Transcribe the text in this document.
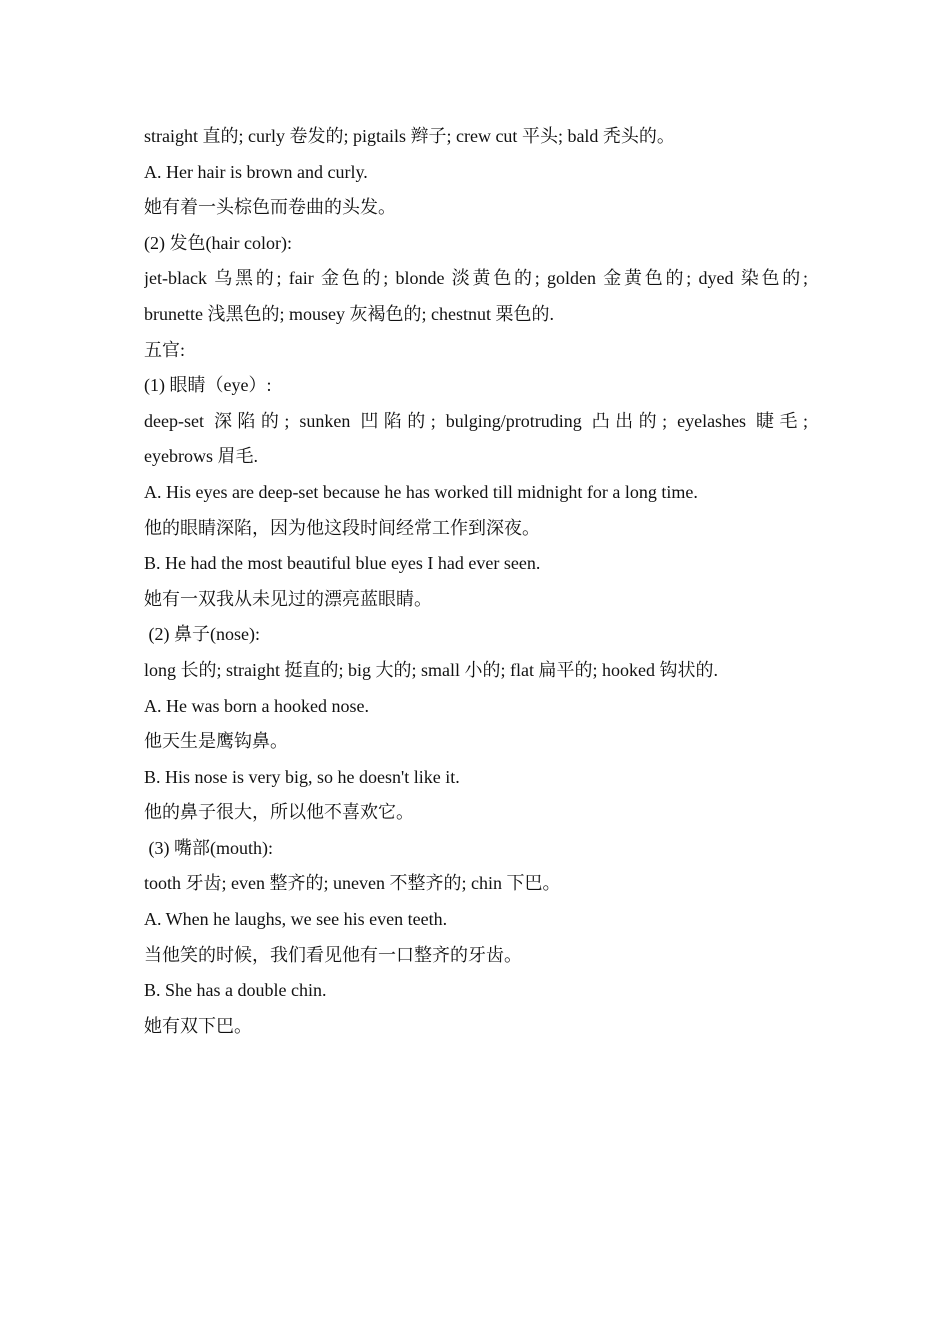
straight 直的; curly 卷发的; pigtails 辫子; crew cut 平头; bald 秃头的。
A. Her hair is brown and curly.
她有着一头棕色而卷曲的头发。
(2) 发色(hair color):
jet-black 乌黑的; fair 金色的; blonde 淡黄色的; golden 金黄色的; dyed 染色的;
brunette 浅黑色的; mousey 灰褐色的; chestnut 栗色的.
五官:
(1) 眼睛（eye）:
deep-set 深陷的; sunken 凹陷的; bulging/protruding 凸出的; eyelashes 睫毛;
eyebrows 眉毛.
A. His eyes are deep-set because he has worked till midnight for a long time.
他的眼睛深陷，因为他这段时间经常工作到深夜。
B. He had the most beautiful blue eyes I had ever seen.
她有一双我从未见过的漂亮蓝眼睛。
(2) 鼻子(nose):
long 长的; straight 挺直的; big 大的; small 小的; flat 扁平的; hooked 钩状的.
A. He was born a hooked nose.
他天生是鹰钩鼻。
B. His nose is very big, so he doesn't like it.
他的鼻子很大，所以他不喜欢它。
(3) 嘴部(mouth):
tooth 牙齿; even 整齐的; uneven 不整齐的; chin 下巴。
A. When he laughs, we see his even teeth.
当他笑的时候，我们看见他有一口整齐的牙齿。
B. She has a double chin.
她有双下巴。
